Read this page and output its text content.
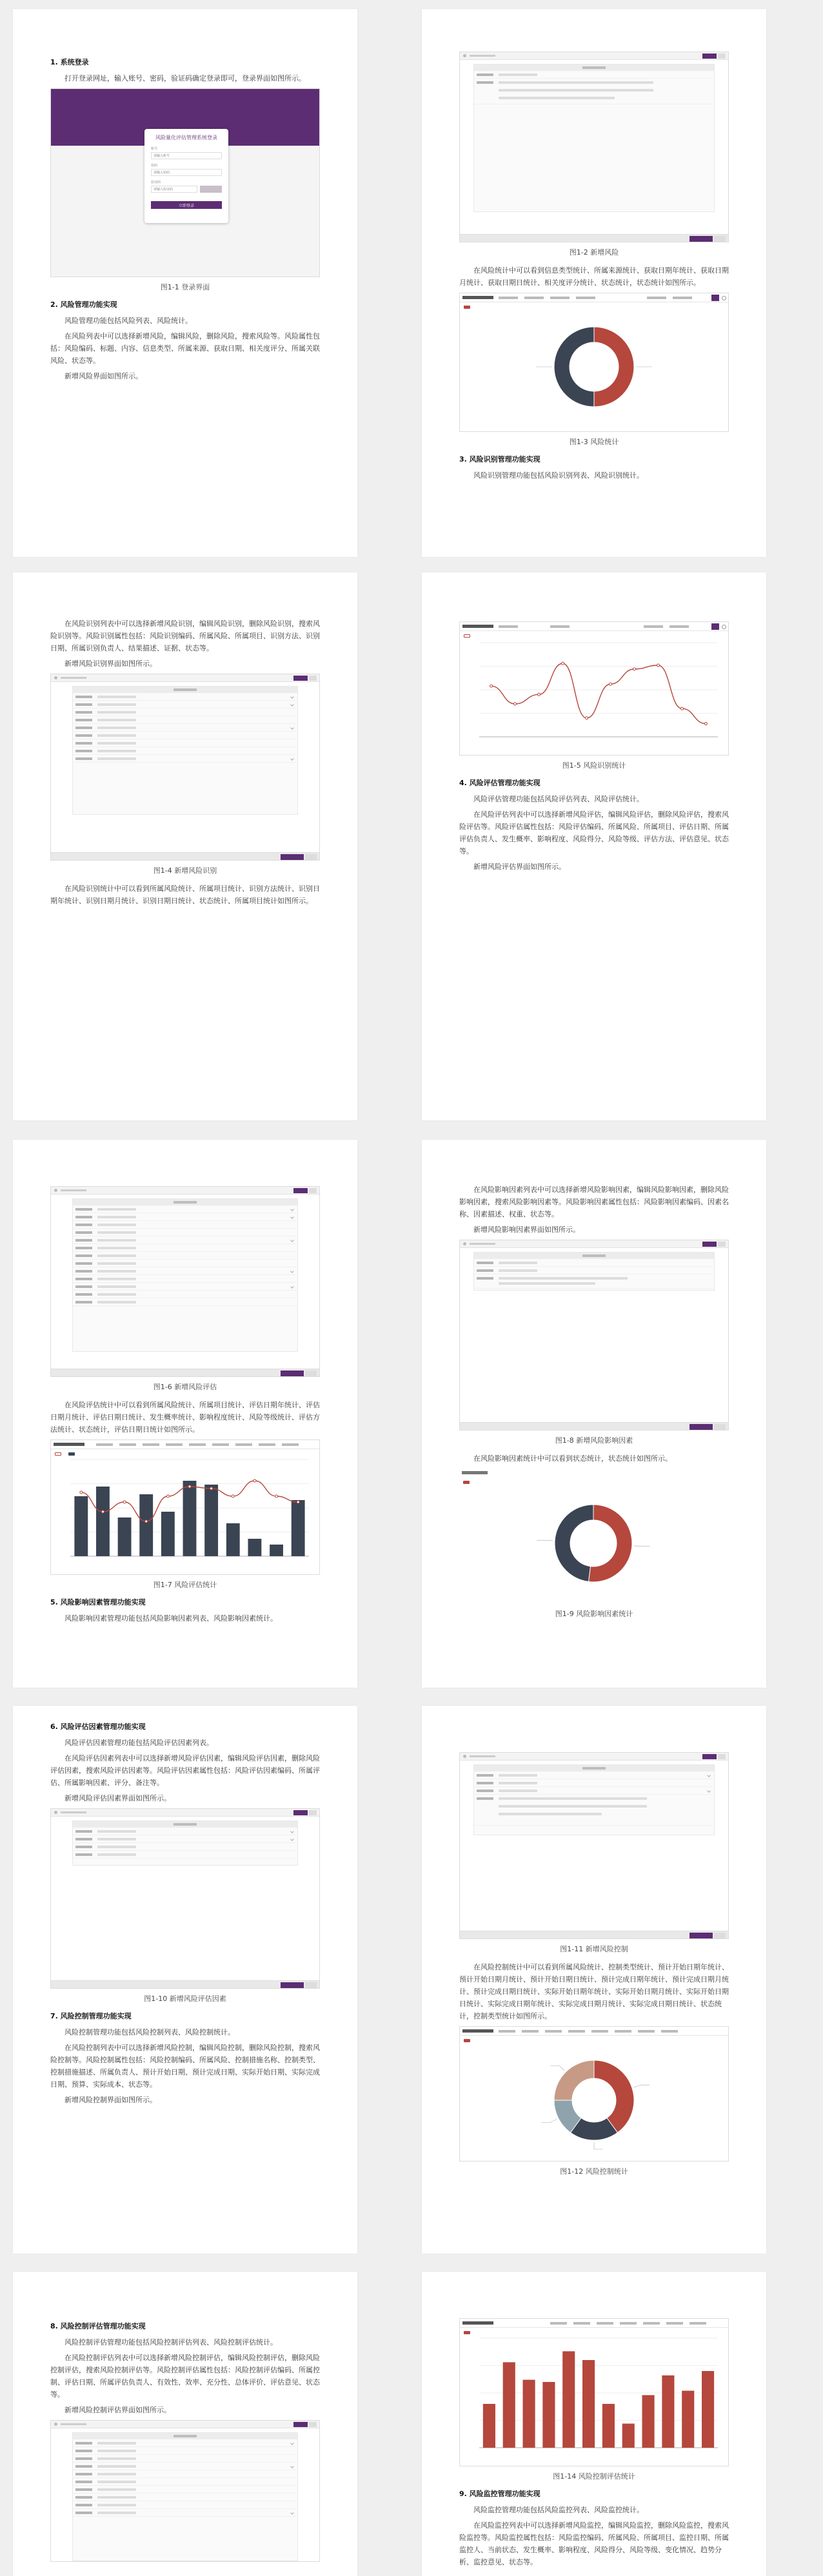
1. 系统登录
打开登录网址，输入账号、密码，验证码确定登录即可，登录界面如图所示。
风险量化评估管理系统登录
账号
请输入账号
密码
请输入密码
验证码
请输入验证码
立即登录
图1-1 登录界面
2. 风险管理功能实现
风险管理功能包括风险列表、风险统计。
在风险列表中可以选择新增风险，编辑风险，删除风险，搜索风险等。风险属性包括：风险编码、标题、内容、信息类型、所属来源、获取日期、相关度评分、所属关联风险、状态等。
新增风险界面如图所示。
图1-2 新增风险
在风险统计中可以看到信息类型统计、所属来源统计、获取日期年统计、获取日期月统计、获取日期日统计、相关度评分统计、状态统计，状态统计如图所示。
图1-3 风险统计
3. 风险识别管理功能实现
风险识别管理功能包括风险识别列表、风险识别统计。
在风险识别列表中可以选择新增风险识别，编辑风险识别，删除风险识别，搜索风险识别等。风险识别属性包括：风险识别编码、所属风险、所属项目、识别方法、识别日期、所属识别负责人、结果描述、证据、状态等。
新增风险识别界面如图所示。
图1-4 新增风险识别
在风险识别统计中可以看到所属风险统计、所属项目统计、识别方法统计、识别日期年统计、识别日期月统计、识别日期日统计、状态统计、所属项目统计如图所示。
图1-5 风险识别统计
4. 风险评估管理功能实现
风险评估管理功能包括风险评估列表、风险评估统计。
在风险评估列表中可以选择新增风险评估，编辑风险评估，删除风险评估，搜索风险评估等。风险评估属性包括：风险评估编码、所属风险、所属项目、评估日期、所属评估负责人、发生概率、影响程度、风险得分、风险等级、评估方法、评估意见、状态等。
新增风险评估界面如图所示。
图1-6 新增风险评估
在风险评估统计中可以看到所属风险统计、所属项目统计、评估日期年统计、评估日期月统计、评估日期日统计、发生概率统计、影响程度统计、风险等级统计、评估方法统计、状态统计，评估日期日统计如图所示。
图1-7 风险评估统计
5. 风险影响因素管理功能实现
风险影响因素管理功能包括风险影响因素列表、风险影响因素统计。
在风险影响因素列表中可以选择新增风险影响因素，编辑风险影响因素，删除风险影响因素，搜索风险影响因素等。风险影响因素属性包括：风险影响因素编码、因素名称、因素描述、权重、状态等。
新增风险影响因素界面如图所示。
图1-8 新增风险影响因素
在风险影响因素统计中可以看到状态统计，状态统计如图所示。
图1-9 风险影响因素统计
6. 风险评估因素管理功能实现
风险评估因素管理功能包括风险评估因素列表。
在风险评估因素列表中可以选择新增风险评估因素，编辑风险评估因素，删除风险评估因素，搜索风险评估因素等。风险评估因素属性包括：风险评估因素编码、所属评估、所属影响因素、评分、备注等。
新增风险评估因素界面如图所示。
图1-10 新增风险评估因素
7. 风险控制管理功能实现
风险控制管理功能包括风险控制列表、风险控制统计。
在风险控制列表中可以选择新增风险控制，编辑风险控制，删除风险控制，搜索风险控制等。风险控制属性包括：风险控制编码、所属风险、控制措施名称、控制类型、控制措施描述、所属负责人、预计开始日期、预计完成日期、实际开始日期、实际完成日期、预算、实际成本、状态等。
新增风险控制界面如图所示。
图1-11 新增风险控制
在风险控制统计中可以看到所属风险统计、控制类型统计、预计开始日期年统计、预计开始日期月统计、预计开始日期日统计、预计完成日期年统计、预计完成日期月统计、预计完成日期日统计、实际开始日期年统计、实际开始日期月统计、实际开始日期日统计、实际完成日期年统计、实际完成日期月统计、实际完成日期日统计、状态统计，控制类型统计如图所示。
图1-12 风险控制统计
8. 风险控制评估管理功能实现
风险控制评估管理功能包括风险控制评估列表、风险控制评估统计。
在风险控制评估列表中可以选择新增风险控制评估，编辑风险控制评估，删除风险控制评估，搜索风险控制评估等。风险控制评估属性包括：风险控制评估编码、所属控制、评估日期、所属评估负责人、有效性、效率、充分性、总体评价、评估意见、状态等。
新增风险控制评估界面如图所示。
图1-14 风险控制评估统计
9. 风险监控管理功能实现
风险监控管理功能包括风险监控列表、风险监控统计。
在风险监控列表中可以选择新增风险监控，编辑风险监控，删除风险监控，搜索风险监控等。风险监控属性包括：风险监控编码、所属风险、所属项目、监控日期、所属监控人、当前状态、发生概率、影响程度、风险得分、风险等级、变化情况、趋势分析、监控意见、状态等。
